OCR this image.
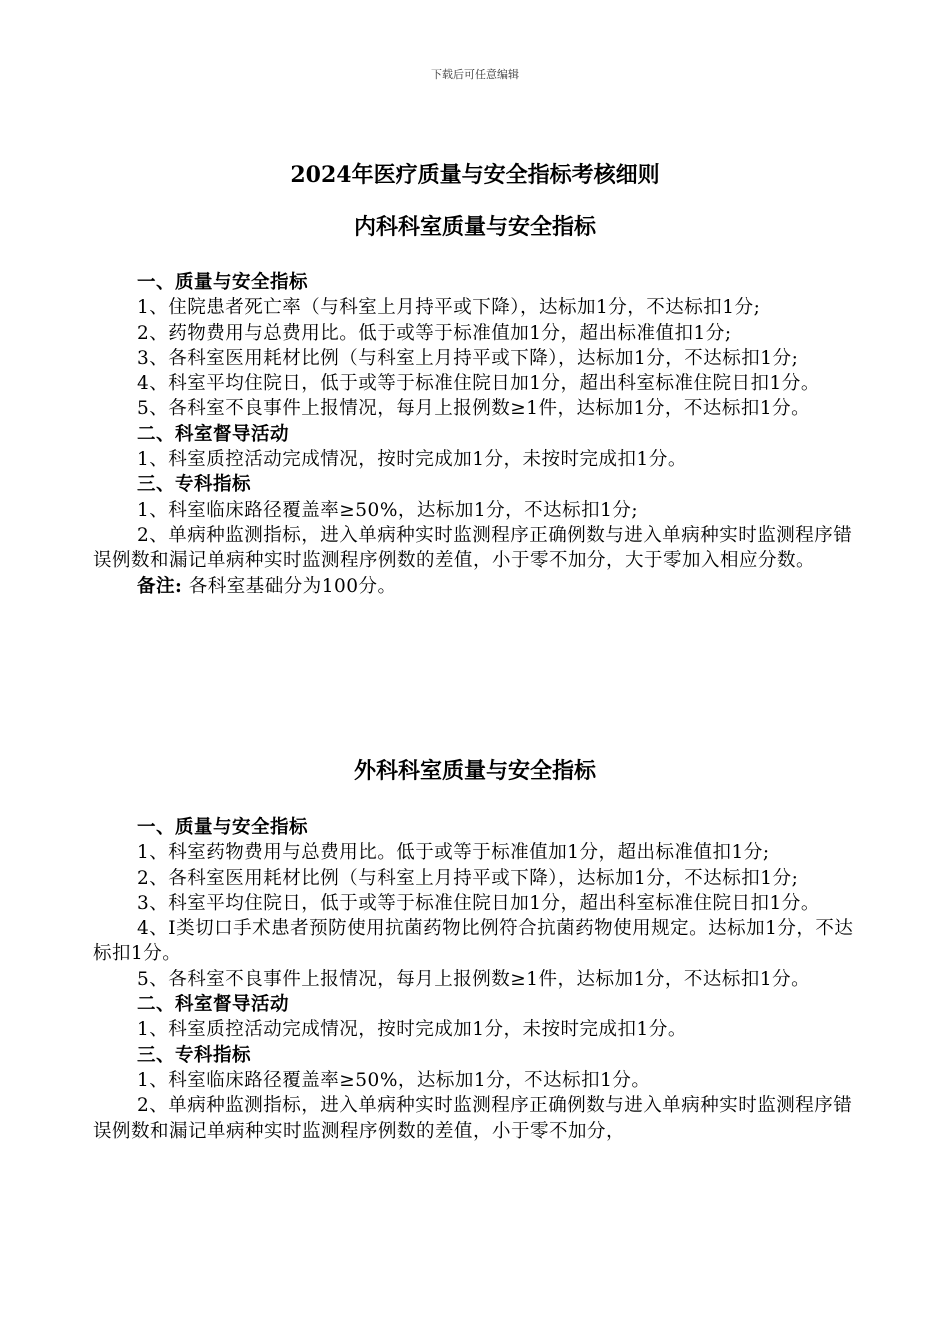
下载后可任意编辑
2024年医疗质量与安全指标考核细则
内科科室质量与安全指标

一、质量与安全指标

1、住院患者死亡率（与科室上月持平或下降），达标加1分，不达标扣1分;

2、药物费用与总费用比。低于或等于标准值加1分，超出标准值扣1分;

3、各科室医用耗材比例（与科室上月持平或下降），达标加1分，不达标扣1分;

4、科室平均住院日，低于或等于标准住院日加1分，超出科室标准住院日扣1分。

5、各科室不良事件上报情况，每月上报例数≥1件，达标加1分，不达标扣1分。

二、科室督导活动

1、科室质控活动完成情况，按时完成加1分，未按时完成扣1分。

三、专科指标

1、科室临床路径覆盖率≥50%，达标加1分，不达标扣1分;

2、单病种监测指标，进入单病种实时监测程序正确例数与进入单病种实时监测程序错误例数和漏记单病种实时监测程序例数的差值，小于零不加分，大于零加入相应分数。

备注: 各科室基础分为100分。

外科科室质量与安全指标

一、质量与安全指标

1、科室药物费用与总费用比。低于或等于标准值加1分，超出标准值扣1分;

2、各科室医用耗材比例（与科室上月持平或下降），达标加1分，不达标扣1分;

3、科室平均住院日，低于或等于标准住院日加1分，超出科室标准住院日扣1分。

4、I类切口手术患者预防使用抗菌药物比例符合抗菌药物使用规定。达标加1分，不达标扣1分。

5、各科室不良事件上报情况，每月上报例数≥1件，达标加1分，不达标扣1分。

二、科室督导活动

1、科室质控活动完成情况，按时完成加1分，未按时完成扣1分。

三、专科指标

1、科室临床路径覆盖率≥50%，达标加1分，不达标扣1分。

2、单病种监测指标，进入单病种实时监测程序正确例数与进入单病种实时监测程序错误例数和漏记单病种实时监测程序例数的差值，小于零不加分，
